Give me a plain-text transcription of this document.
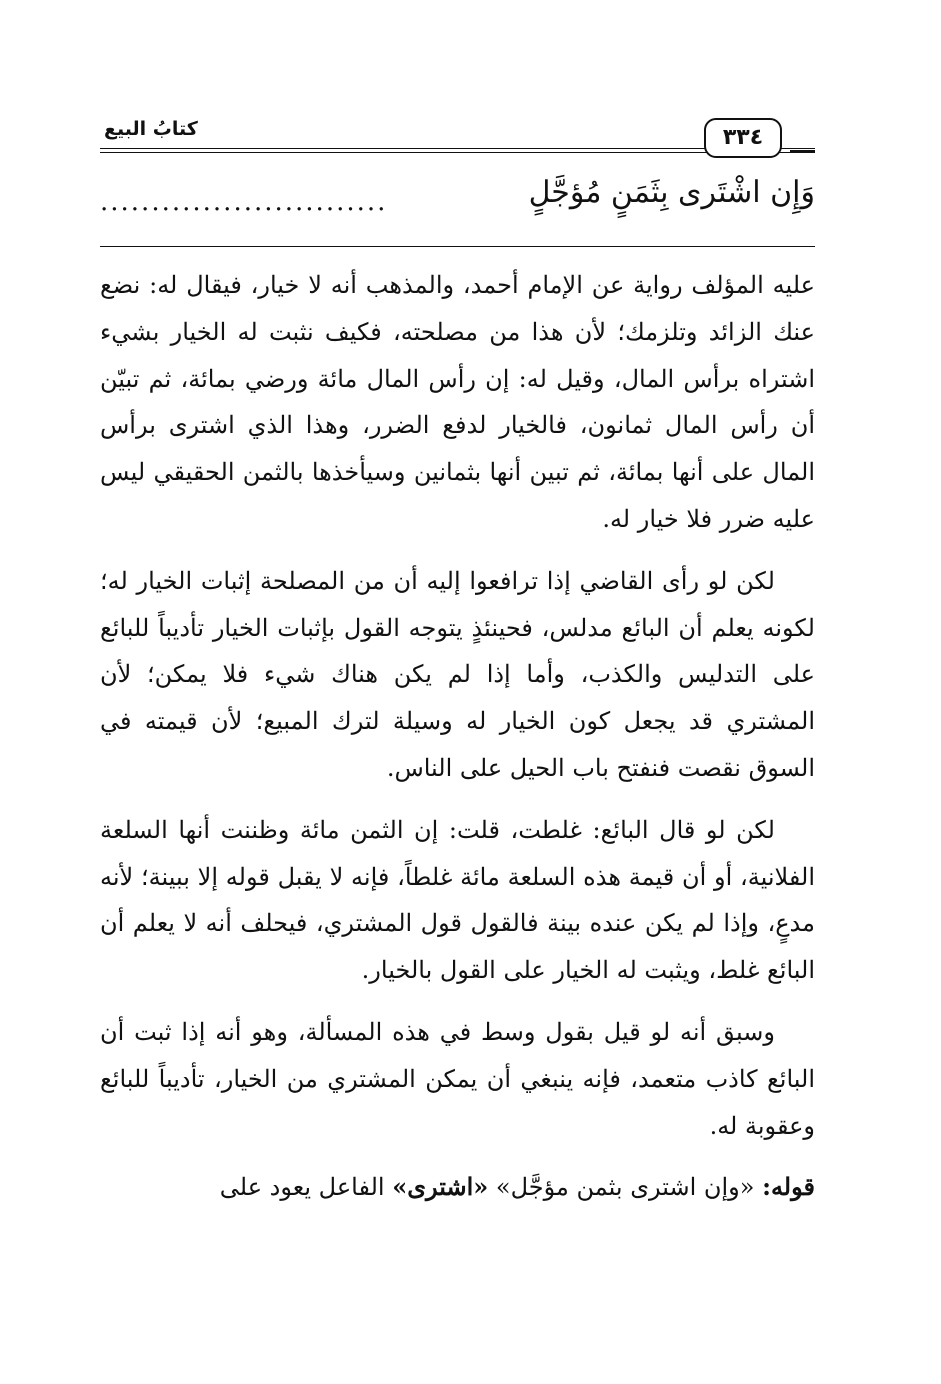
كتابُ البيع	٣٣٤
وَإِن اشْتَرى بِثَمَنٍ مُؤجَّلٍ
............................

عليه المؤلف رواية عن الإمام أحمد، والمذهب أنه لا خيار، فيقال له: نضع عنك الزائد وتلزمك؛ لأن هذا من مصلحته، فكيف نثبت له الخيار بشيء اشتراه برأس المال، وقيل له: إن رأس المال مائة ورضي بمائة، ثم تبيّن أن رأس المال ثمانون، فالخيار لدفع الضرر، وهذا الذي اشترى برأس المال على أنها بمائة، ثم تبين أنها بثمانين وسيأخذها بالثمن الحقيقي ليس عليه ضرر فلا خيار له.

لكن لو رأى القاضي إذا ترافعوا إليه أن من المصلحة إثبات الخيار له؛ لكونه يعلم أن البائع مدلس، فحينئذٍ يتوجه القول بإثبات الخيار تأديباً للبائع على التدليس والكذب، وأما إذا لم يكن هناك شيء فلا يمكن؛ لأن المشتري قد يجعل كون الخيار له وسيلة لترك المبيع؛ لأن قيمته في السوق نقصت فنفتح باب الحيل على الناس.

لكن لو قال البائع: غلطت، قلت: إن الثمن مائة وظننت أنها السلعة الفلانية، أو أن قيمة هذه السلعة مائة غلطاً، فإنه لا يقبل قوله إلا ببينة؛ لأنه مدعٍ، وإذا لم يكن عنده بينة فالقول قول المشتري، فيحلف أنه لا يعلم أن البائع غلط، ويثبت له الخيار على القول بالخيار.

وسبق أنه لو قيل بقول وسط في هذه المسألة، وهو أنه إذا ثبت أن البائع كاذب متعمد، فإنه ينبغي أن يمكن المشتري من الخيار، تأديباً للبائع وعقوبة له.

قوله: «وإن اشترى بثمن مؤجَّل» «اشترى» الفاعل يعود على
